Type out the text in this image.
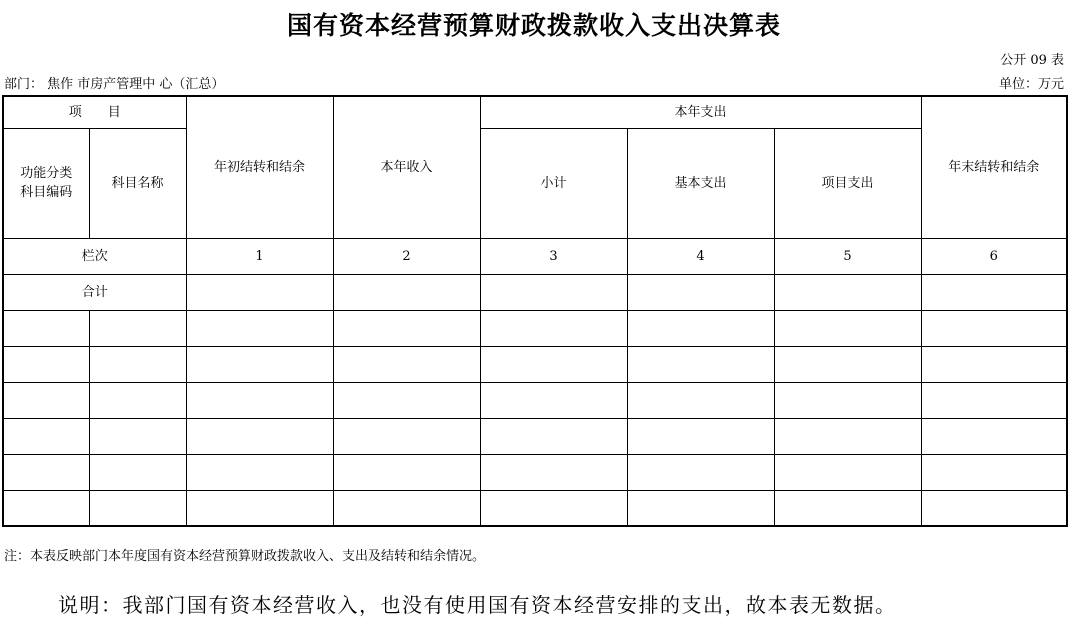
国有资本经营预算财政拨款收入支出决算表
公开 09 表
部门： 焦作 市房产管理中 心（汇总）	单位：万元
项　　目		年初结转和结余	本年收入	本年支出			年末结转和结余
功能分类科目编码	科目名称			小计	基本支出	项目支出	
栏次		1	2	3	4	5	6
合计							

注：本表反映部门本年度国有资本经营预算财政拨款收入、支出及结转和结余情况。
说明：我部门国有资本经营收入，也没有使用国有资本经营安排的支出，故本表无数据。
